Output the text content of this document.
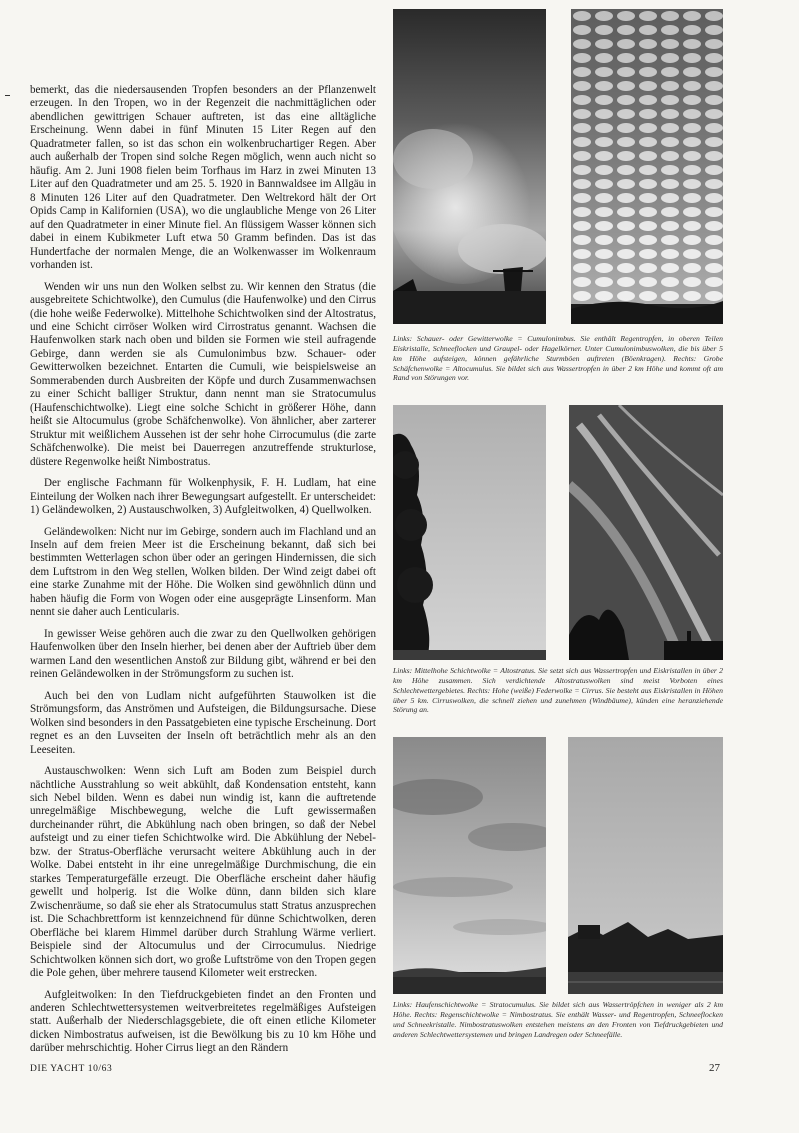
bemerkt, das die niedersausenden Tropfen besonders an der Pflanzenwelt erzeugen. In den Tropen, wo in der Regenzeit die nachmittäglichen oder abendlichen gewittrigen Schauer auftreten, ist das eine alltägliche Erscheinung. Wenn dabei in fünf Minuten 15 Liter Regen auf den Quadratmeter fallen, so ist das schon ein wolkenbruchartiger Regen. Aber auch außerhalb der Tropen sind solche Regen möglich, wenn auch nicht so häufig. Am 2. Juni 1908 fielen beim Torfhaus im Harz in zwei Minuten 13 Liter auf den Quadratmeter und am 25. 5. 1920 in Bannwaldsee im Allgäu in 8 Minuten 126 Liter auf den Quadratmeter. Den Weltrekord hält der Ort Opids Camp in Kalifornien (USA), wo die unglaubliche Menge von 26 Liter auf den Quadratmeter in einer Minute fiel. An flüssigem Wasser können sich dabei in einem Kubikmeter Luft etwa 50 Gramm befinden. Das ist das Hundertfache der normalen Menge, die an Wolkenwasser im Wolkenraum vorhanden ist.

Wenden wir uns nun den Wolken selbst zu. Wir kennen den Stratus (die ausgebreitete Schichtwolke), den Cumulus (die Haufenwolke) und den Cirrus (die hohe weiße Federwolke). Mittelhohe Schichtwolken sind der Altostratus, und eine Schicht cirröser Wolken wird Cirrostratus genannt. Wachsen die Haufenwolken stark nach oben und bilden sie Formen wie steil aufragende Gebirge, dann werden sie als Cumulonimbus bzw. Schauer- oder Gewitterwolken bezeichnet. Entarten die Cumuli, wie beispielsweise an Sommerabenden durch Ausbreiten der Köpfe und durch Zusammenwachsen zu einer Schicht balliger Struktur, dann nennt man sie Stratocumulus (Haufenschichtwolke). Liegt eine solche Schicht in größerer Höhe, dann heißt sie Altocumulus (grobe Schäfchenwolke). Von ähnlicher, aber zarterer Struktur mit weißlichem Aussehen ist der sehr hohe Cirrocumulus (die zarte Schäfchenwolke). Die meist bei Dauerregen anzutreffende strukturlose, düstere Regenwolke heißt Nimbostratus.

Der englische Fachmann für Wolkenphysik, F. H. Ludlam, hat eine Einteilung der Wolken nach ihrer Bewegungsart aufgestellt. Er unterscheidet: 1) Geländewolken, 2) Austauschwolken, 3) Aufgleitwolken, 4) Quellwolken.

Geländewolken: Nicht nur im Gebirge, sondern auch im Flachland und an Inseln auf dem freien Meer ist die Erscheinung bekannt, daß sich bei bestimmten Wetterlagen schon über oder an geringen Hindernissen, die sich dem Luftstrom in den Weg stellen, Wolken bilden. Der Wind zeigt dabei oft eine starke Zunahme mit der Höhe. Die Wolken sind gewöhnlich dünn und haben häufig die Form von Wogen oder eine ausgeprägte Linsenform. Man nennt sie daher auch Lenticularis.

In gewisser Weise gehören auch die zwar zu den Quellwolken gehörigen Haufenwolken über den Inseln hierher, bei denen aber der Auftrieb über dem warmen Land den wesentlichen Anstoß zur Bildung gibt, während er bei den reinen Geländewolken in der Strömungsform zu suchen ist.

Auch bei den von Ludlam nicht aufgeführten Stauwolken ist die Strömungsform, das Anströmen und Aufsteigen, die Bildungsursache. Diese Wolken sind besonders in den Passatgebieten eine typische Erscheinung. Dort regnet es an den Luvseiten der Inseln oft beträchtlich mehr als an den Leeseiten.

Austauschwolken: Wenn sich Luft am Boden zum Beispiel durch nächtliche Ausstrahlung so weit abkühlt, daß Kondensation entsteht, kann sich Nebel bilden. Wenn es dabei nun windig ist, kann die auftretende unregelmäßige Mischbewegung, welche die Luft gewissermaßen durcheinander rührt, die Abkühlung nach oben bringen, so daß der Nebel aufsteigt und zu einer tiefen Schichtwolke wird. Die Abkühlung der Nebel- bzw. der Stratus-Oberfläche verursacht weitere Abkühlung auch in der Wolke. Dabei entsteht in ihr eine unregelmäßige Durchmischung, die ein starkes Temperaturgefälle erzeugt. Die Oberfläche erscheint daher häufig gewellt und holperig. Ist die Wolke dünn, dann bilden sich klare Zwischenräume, so daß sie eher als Stratocumulus statt Stratus anzusprechen ist. Die Schachbrettform ist kennzeichnend für dünne Schichtwolken, deren Oberfläche bei klarem Himmel darüber durch Strahlung Wärme verliert. Beispiele sind der Altocumulus und der Cirrocumulus. Niedrige Schichtwolken können sich dort, wo große Luftströme von den Tropen gegen die Pole gehen, über mehrere tausend Kilometer weit erstrecken.

Aufgleitwolken: In den Tiefdruckgebieten findet an den Fronten und anderen Schlechtwettersystemen weitverbreitetes regelmäßiges Aufsteigen statt. Außerhalb der Niederschlagsgebiete, die oft einen etliche Kilometer dicken Nimbostratus aufweisen, ist die Bewölkung bis zu 10 km Höhe und darüber mehrschichtig. Hoher Cirrus liegt an den Rändern

Links: Schauer- oder Gewitterwolke = Cumulonimbus. Sie enthält Regentropfen, in oberen Teilen Eiskristalle, Schneeflocken und Graupel- oder Hagelkörner. Unter Cumulonimbuswolken, die bis über 5 km Höhe aufsteigen, können gefährliche Sturmböen auftreten (Böenkragen). Rechts: Grobe Schäfchenwolke = Altocumulus. Sie bildet sich aus Wassertropfen in über 2 km Höhe und kommt oft am Rand von Störungen vor.
Links: Mittelhohe Schichtwolke = Altostratus. Sie setzt sich aus Wassertropfen und Eiskristallen in über 2 km Höhe zusammen. Sich verdichtende Altostratuswolken sind meist Vorboten eines Schlechtwettergebietes. Rechts: Hohe (weiße) Federwolke = Cirrus. Sie besteht aus Eiskristallen in Höhen über 5 km. Cirruswolken, die schnell ziehen und zunehmen (Windbäume), künden eine heranziehende Störung an.
Links: Haufenschichtwolke = Stratocumulus. Sie bildet sich aus Wassertröpfchen in weniger als 2 km Höhe. Rechts: Regenschichtwolke = Nimbostratus. Sie enthält Wasser- und Regentropfen, Schneeflocken und Schneekristalle. Nimbostratuswolken entstehen meistens an den Fronten von Tiefdruckgebieten und anderen Schlechtwettersystemen und bringen Landregen oder Schneefälle.
DIE YACHT 10/63	27
